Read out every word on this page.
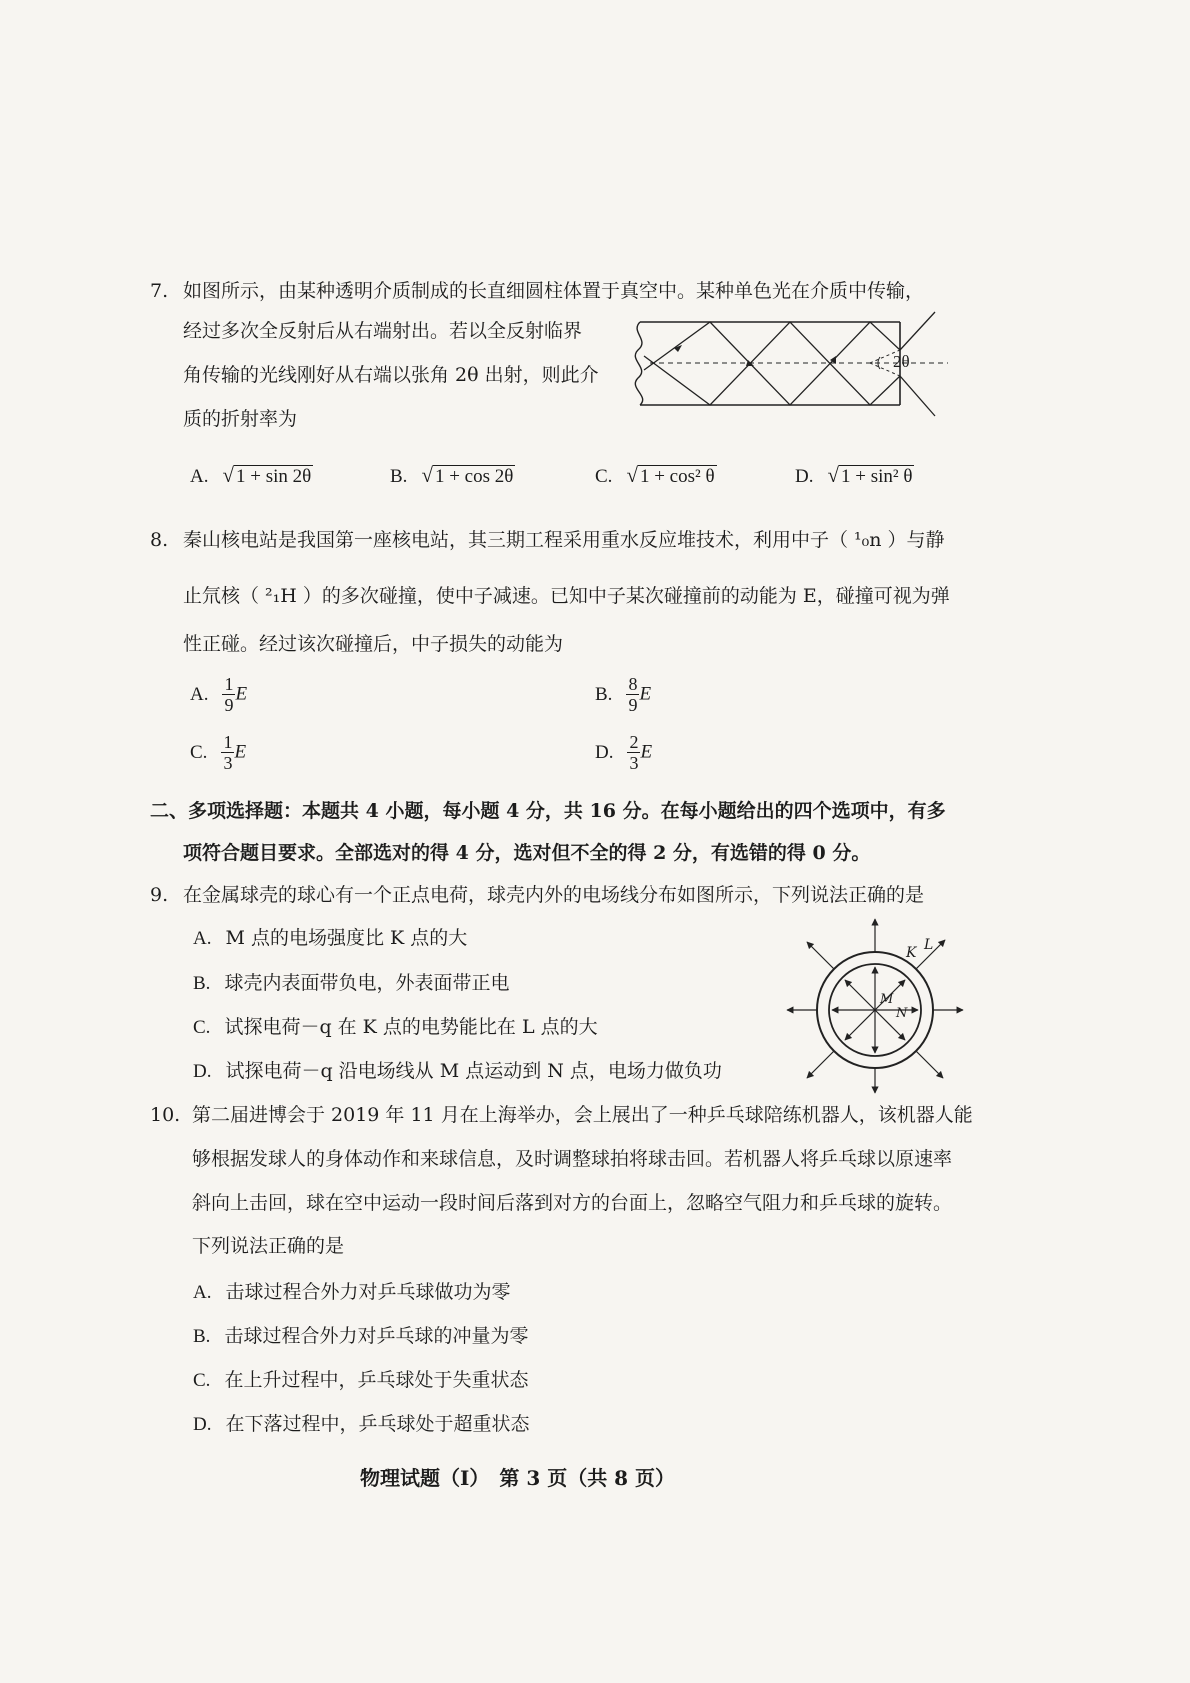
7. 如图所示，由某种透明介质制成的长直细圆柱体置于真空中。某种单色光在介质中传输，
经过多次全反射后从右端射出。若以全反射临界
角传输的光线刚好从右端以张角 2θ 出射，则此介
质的折射率为
2θ
A. √ 1 + sin 2θ	B. √ 1 + cos 2θ	C. √ 1 + cos² θ	D. √ 1 + sin² θ
8. 秦山核电站是我国第一座核电站，其三期工程采用重水反应堆技术，利用中子（ ¹₀n ）与静
止氘核（ ²₁H ）的多次碰撞，使中子减速。已知中子某次碰撞前的动能为 E，碰撞可视为弹
性正碰。经过该次碰撞后，中子损失的动能为
A. $\frac{1}{9}$ E	B. $\frac{8}{9}$ E
C. $\frac{1}{3}$ E	D. $\frac{2}{3}$ E
二、多项选择题：本题共 4 小题，每小题 4 分，共 16 分。在每小题给出的四个选项中，有多
项符合题目要求。全部选对的得 4 分，选对但不全的得 2 分，有选错的得 0 分。
9. 在金属球壳的球心有一个正点电荷，球壳内外的电场线分布如图所示，下列说法正确的是
A. M 点的电场强度比 K 点的大
B. 球壳内表面带负电，外表面带正电
C. 试探电荷－q 在 K 点的电势能比在 L 点的大
D. 试探电荷－q 沿电场线从 M 点运动到 N 点，电场力做负功
K L
M
N
10. 第二届进博会于 2019 年 11 月在上海举办，会上展出了一种乒乓球陪练机器人，该机器人能
够根据发球人的身体动作和来球信息，及时调整球拍将球击回。若机器人将乒乓球以原速率
斜向上击回，球在空中运动一段时间后落到对方的台面上，忽略空气阻力和乒乓球的旋转。
下列说法正确的是
A. 击球过程合外力对乒乓球做功为零
B. 击球过程合外力对乒乓球的冲量为零
C. 在上升过程中，乒乓球处于失重状态
D. 在下落过程中，乒乓球处于超重状态
物理试题（Ⅰ）　第 3 页（共 8 页）
